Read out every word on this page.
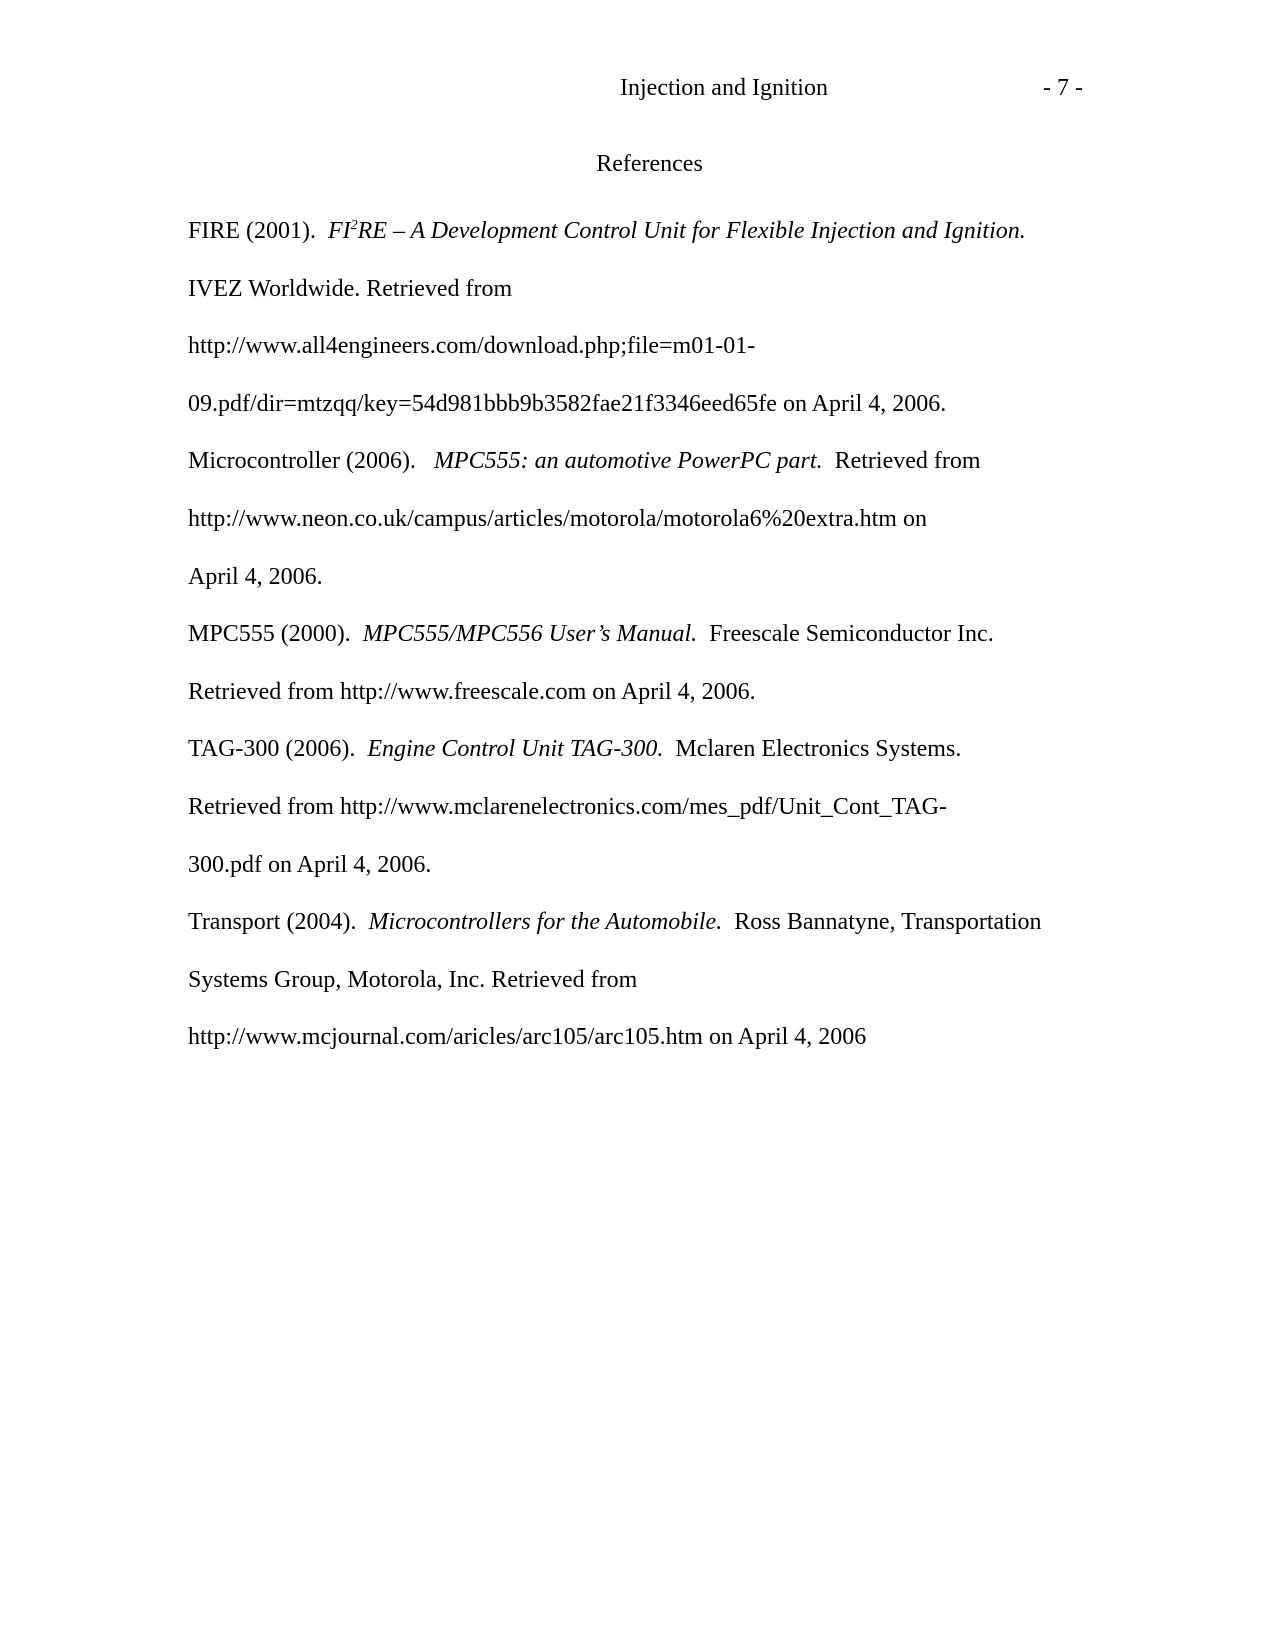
Injection and Ignition	- 7 -
References

FIRE (2001). $FI^2RE$ – A Development Control Unit for Flexible Injection and Ignition.
IVEZ Worldwide. Retrieved from
http://www.all4engineers.com/download.php;file=m01-01-
09.pdf/dir=mtzqq/key=54d981bbb9b3582fae21f3346eed65fe on April 4, 2006.

Microcontroller (2006). MPC555: an automotive PowerPC part. Retrieved from
http://www.neon.co.uk/campus/articles/motorola/motorola6%20extra.htm on
April 4, 2006.

MPC555 (2000). MPC555/MPC556 User’s Manual. Freescale Semiconductor Inc.
Retrieved from http://www.freescale.com on April 4, 2006.

TAG-300 (2006). Engine Control Unit TAG-300. Mclaren Electronics Systems.
Retrieved from http://www.mclarenelectronics.com/mes_pdf/Unit_Cont_TAG-
300.pdf on April 4, 2006.

Transport (2004). Microcontrollers for the Automobile. Ross Bannatyne, Transportation
Systems Group, Motorola, Inc. Retrieved from
http://www.mcjournal.com/aricles/arc105/arc105.htm on April 4, 2006
